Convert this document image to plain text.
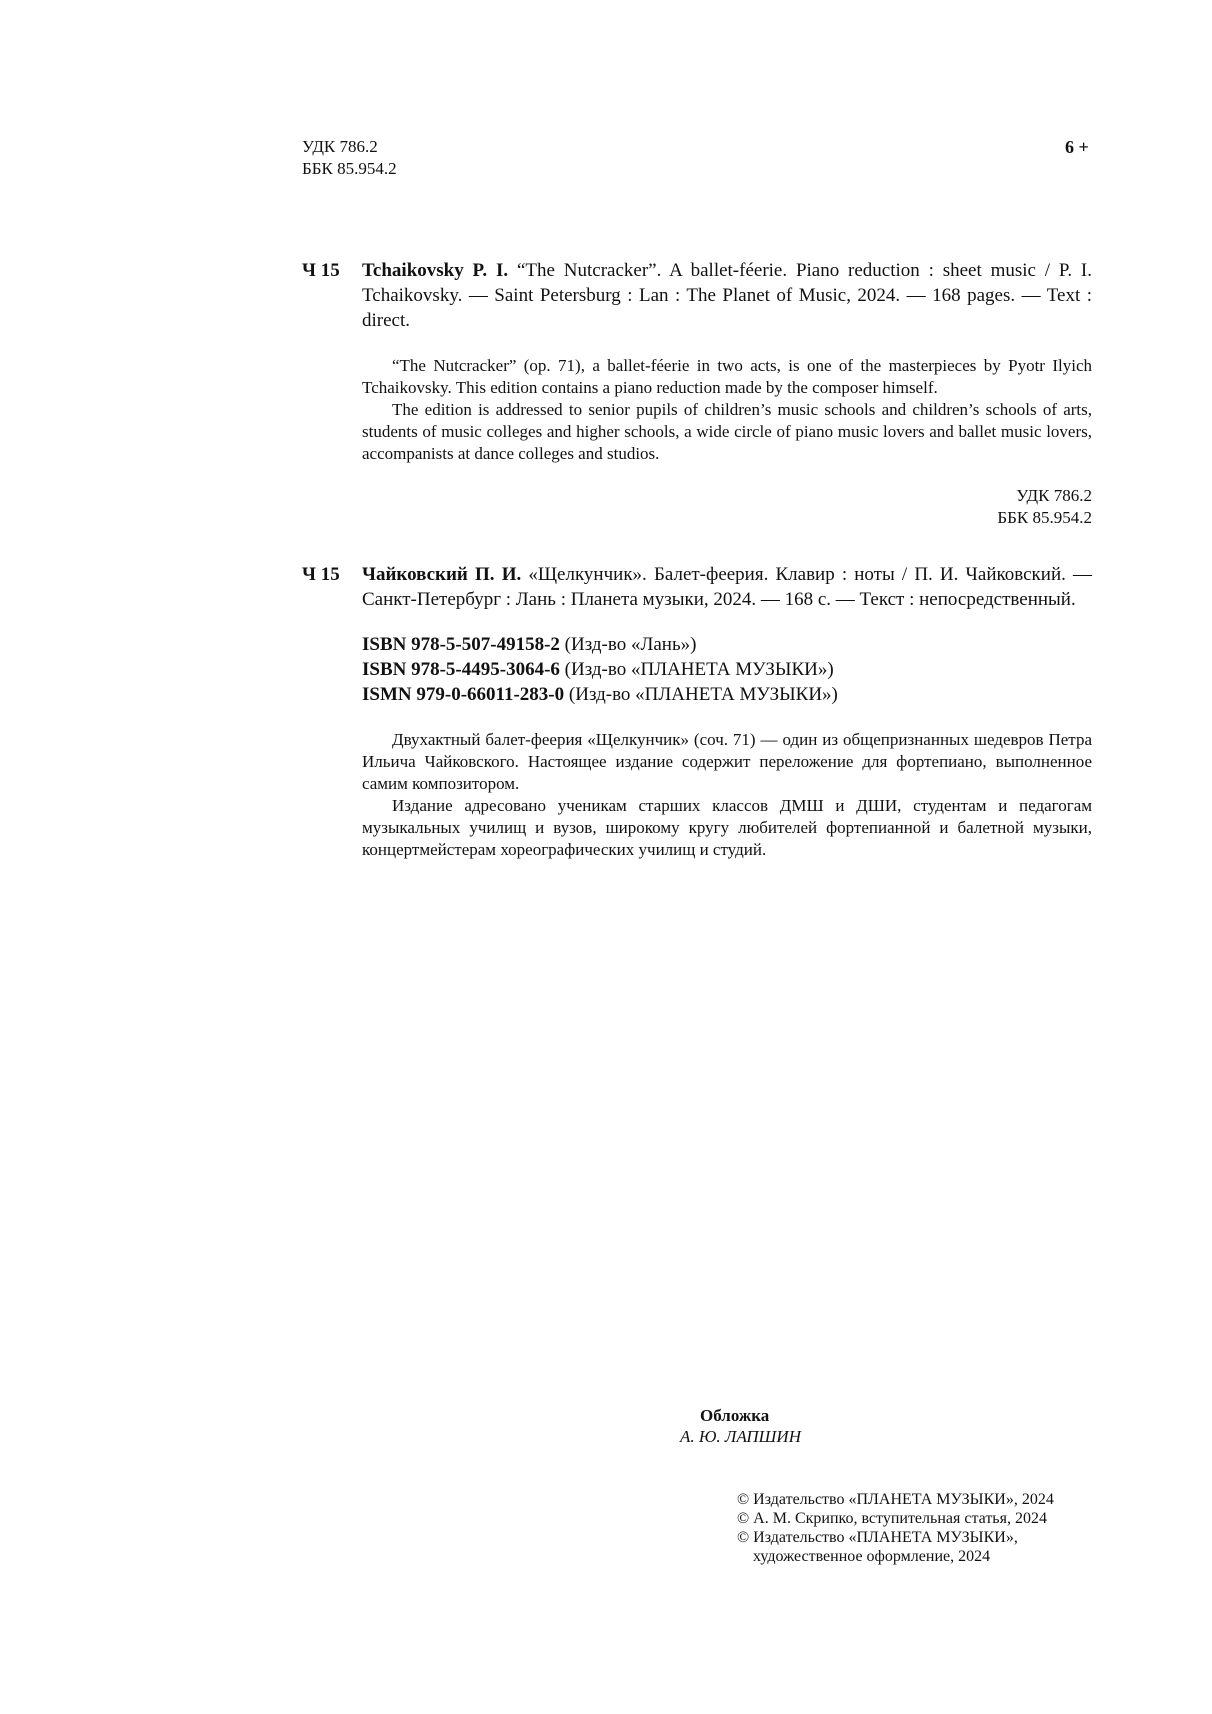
УДК 786.2
ББК 85.954.2
6 +
Ч 15 Tchaikovsky P. I. “The Nutcracker”. A ballet-féerie. Piano reduction : sheet music / P. I. Tchaikovsky. — Saint Petersburg : Lan : The Planet of Music, 2024. — 168 pages. — Text : direct.

“The Nutcracker” (op. 71), a ballet-féerie in two acts, is one of the masterpieces by Pyotr Ilyich Tchaikovsky. This edition contains a piano reduction made by the composer himself.

The edition is addressed to senior pupils of children’s music schools and children’s schools of arts, students of music colleges and higher schools, a wide circle of piano music lovers and ballet music lovers, accompanists at dance colleges and studios.

УДК 786.2
ББК 85.954.2
Ч 15 Чайковский П. И. «Щелкунчик». Балет-феерия. Клавир : ноты / П. И. Чайковский. — Санкт-Петербург : Лань : Планета музыки, 2024. — 168 с. — Текст : непосредственный.
ISBN 978-5-507-49158-2 (Изд-во «Лань»)
ISBN 978-5-4495-3064-6 (Изд-во «ПЛАНЕТА МУЗЫКИ»)
ISMN 979-0-66011-283-0 (Изд-во «ПЛАНЕТА МУЗЫКИ»)

Двухактный балет-феерия «Щелкунчик» (соч. 71) — один из общепризнанных шедевров Петра Ильича Чайковского. Настоящее издание содержит переложение для фортепиано, выполненное самим композитором.

Издание адресовано ученикам старших классов ДМШ и ДШИ, студентам и педагогам музыкальных училищ и вузов, широкому кругу любителей фортепианной и балетной музыки, концертмейстерам хореографических училищ и студий.

Обложка
А. Ю. ЛАПШИН
© Издательство «ПЛАНЕТА МУЗЫКИ», 2024
© А. М. Скрипко, вступительная статья, 2024
© Издательство «ПЛАНЕТА МУЗЫКИ»,
художественное оформление, 2024
